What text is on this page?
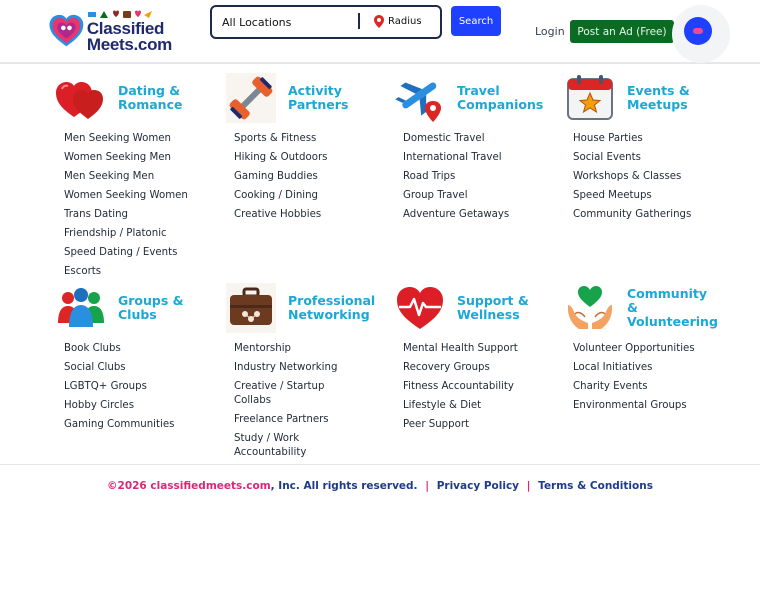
Classified
Meets.com
All Locations
Radius	Search
Login	Post an Ad (Free)
Dating & Romance
Men Seeking Women
Women Seeking Men
Men Seeking Men
Women Seeking Women
Trans Dating
Friendship / Platonic
Speed Dating / Events
Escorts
Activity Partners
Sports & Fitness
Hiking & Outdoors
Gaming Buddies
Cooking / Dining
Creative Hobbies
Travel Companions
Domestic Travel
International Travel
Road Trips
Group Travel
Adventure Getaways
Events & Meetups
House Parties
Social Events
Workshops & Classes
Speed Meetups
Community Gatherings
Groups & Clubs
Book Clubs
Social Clubs
LGBTQ+ Groups
Hobby Circles
Gaming Communities
Professional Networking
Mentorship
Industry Networking
Creative / Startup Collabs
Freelance Partners
Study / Work Accountability
Support & Wellness
Mental Health Support
Recovery Groups
Fitness Accountability
Lifestyle & Diet
Peer Support
Community & Volunteering
Volunteer Opportunities
Local Initiatives
Charity Events
Environmental Groups
©2026 classifiedmeets.com, Inc. All rights reserved. | Privacy Policy | Terms & Conditions
